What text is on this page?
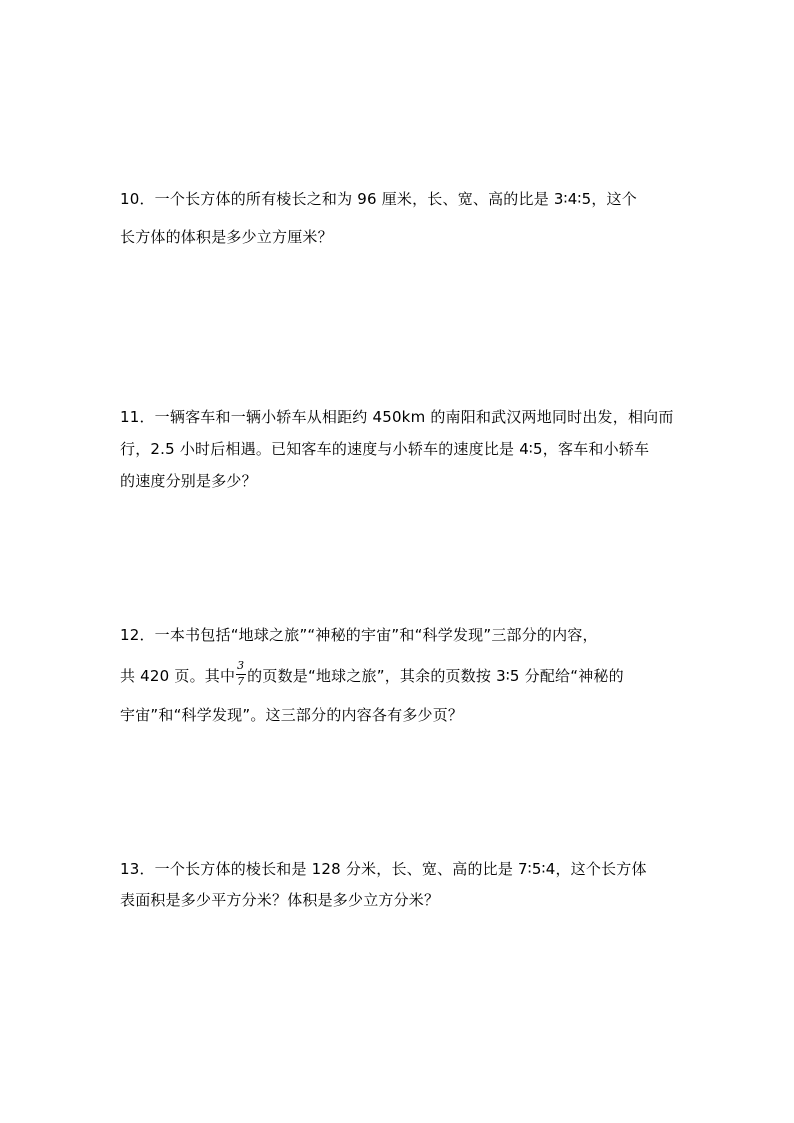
10．一个长方体的所有棱长之和为 96 厘米，长、宽、高的比是 3∶4∶5，这个
长方体的体积是多少立方厘米？
11．一辆客车和一辆小轿车从相距约 450km 的南阳和武汉两地同时出发，相向而
行，2.5 小时后相遇。已知客车的速度与小轿车的速度比是 4∶5，客车和小轿车
的速度分别是多少？
12．一本书包括“地球之旅”“神秘的宇宙”和“科学发现”三部分的内容，
共 420 页。其中 $\frac{3}{7}$ 的页数是“地球之旅”，其余的页数按 3∶5 分配给“神秘的
宇宙”和“科学发现”。这三部分的内容各有多少页？
13．一个长方体的棱长和是 128 分米，长、宽、高的比是 7∶5∶4，这个长方体
表面积是多少平方分米？体积是多少立方分米？
